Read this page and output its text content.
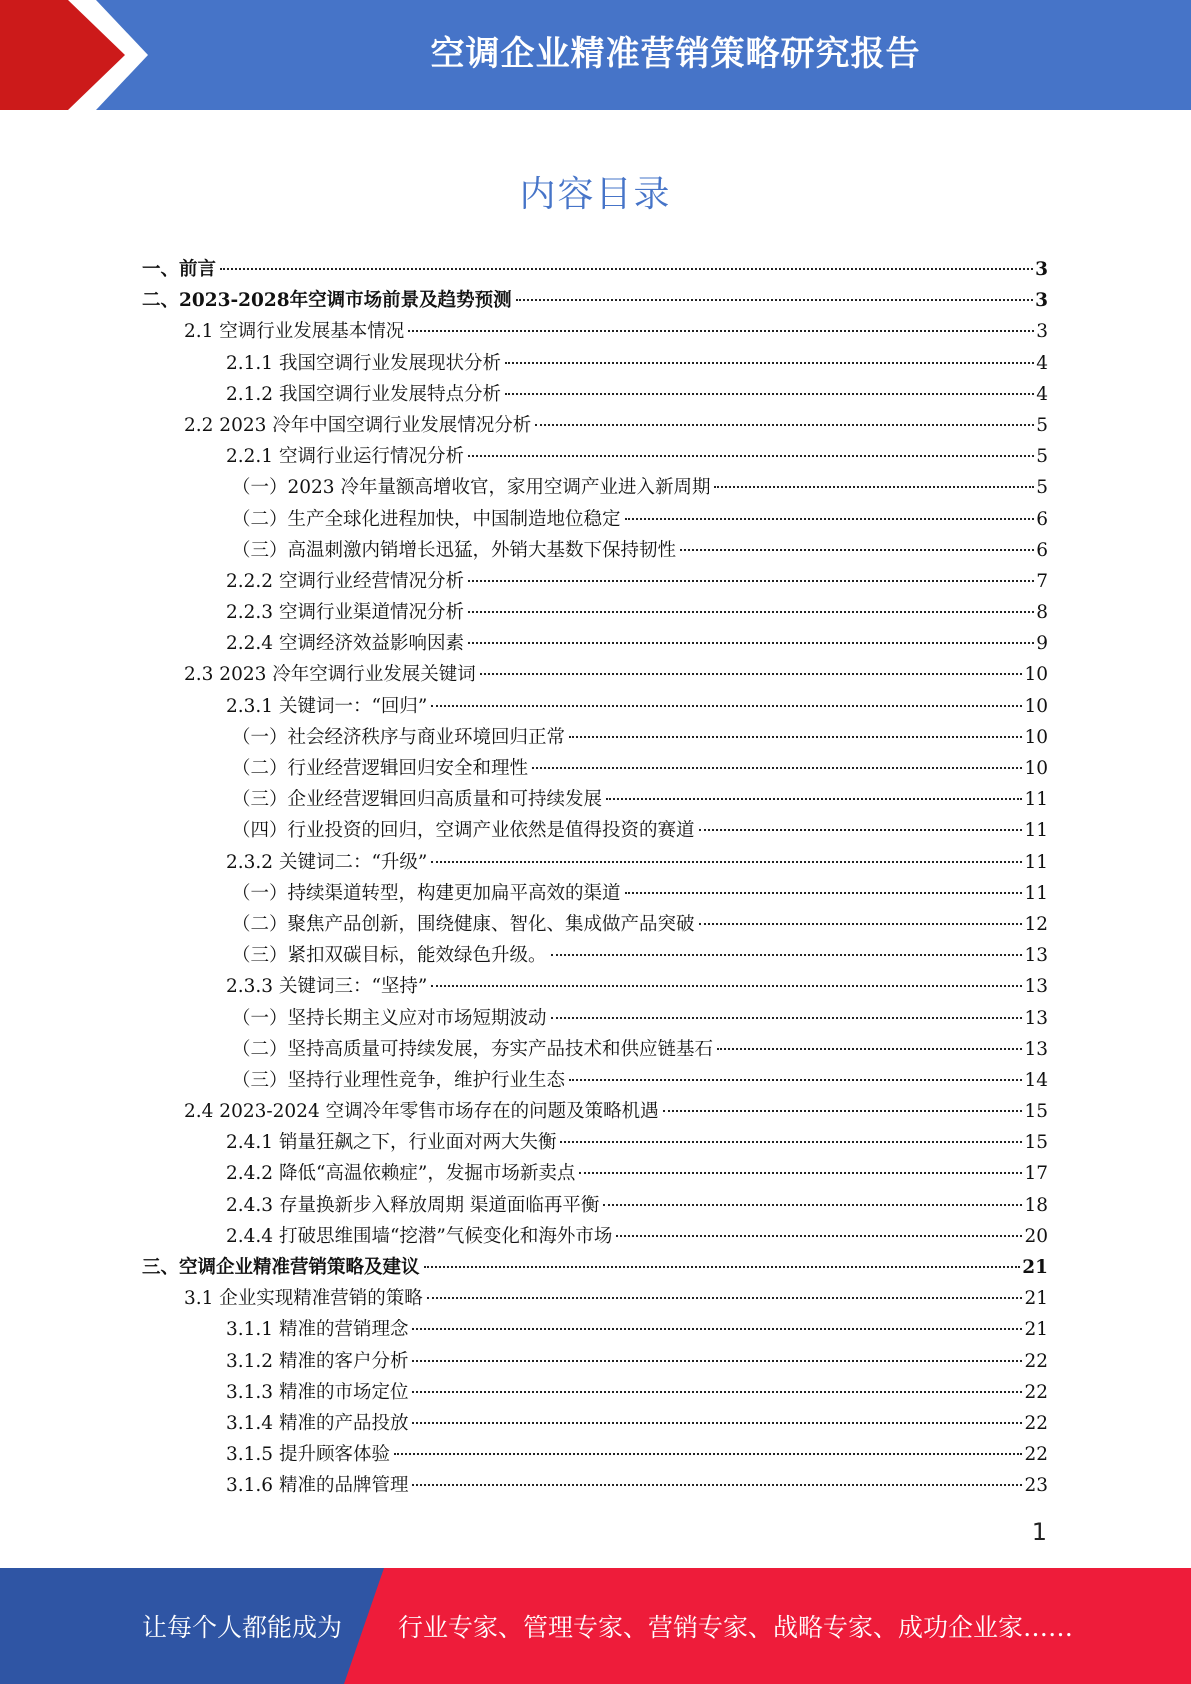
空调企业精准营销策略研究报告
内容目录
一、前言	3
二、2023-2028年空调市场前景及趋势预测	3
2.1 空调行业发展基本情况	3
2.1.1 我国空调行业发展现状分析	4
2.1.2 我国空调行业发展特点分析	4
2.2 2023 冷年中国空调行业发展情况分析	5
2.2.1 空调行业运行情况分析	5
（一）2023 冷年量额高增收官，家用空调产业进入新周期	5
（二）生产全球化进程加快，中国制造地位稳定	6
（三）高温刺激内销增长迅猛，外销大基数下保持韧性	6
2.2.2 空调行业经营情况分析	7
2.2.3 空调行业渠道情况分析	8
2.2.4 空调经济效益影响因素	9
2.3 2023 冷年空调行业发展关键词	10
2.3.1 关键词一：“回归”	10
（一）社会经济秩序与商业环境回归正常	10
（二）行业经营逻辑回归安全和理性	10
（三）企业经营逻辑回归高质量和可持续发展	11
（四）行业投资的回归，空调产业依然是值得投资的赛道	11
2.3.2 关键词二：“升级”	11
（一）持续渠道转型，构建更加扁平高效的渠道	11
（二）聚焦产品创新，围绕健康、智化、集成做产品突破	12
（三）紧扣双碳目标，能效绿色升级。	13
2.3.3 关键词三：“坚持”	13
（一）坚持长期主义应对市场短期波动	13
（二）坚持高质量可持续发展，夯实产品技术和供应链基石	13
（三）坚持行业理性竞争，维护行业生态	14
2.4 2023-2024 空调冷年零售市场存在的问题及策略机遇	15
2.4.1 销量狂飙之下，行业面对两大失衡	15
2.4.2 降低“高温依赖症”，发掘市场新卖点	17
2.4.3 存量换新步入释放周期 渠道面临再平衡	18
2.4.4 打破思维围墙“挖潜”气候变化和海外市场	20
三、空调企业精准营销策略及建议	21
3.1 企业实现精准营销的策略	21
3.1.1 精准的营销理念	21
3.1.2 精准的客户分析	22
3.1.3 精准的市场定位	22
3.1.4 精准的产品投放	22
3.1.5 提升顾客体验	22
3.1.6 精准的品牌管理	23
1
让每个人都能成为 行业专家、管理专家、营销专家、战略专家、成功企业家……
